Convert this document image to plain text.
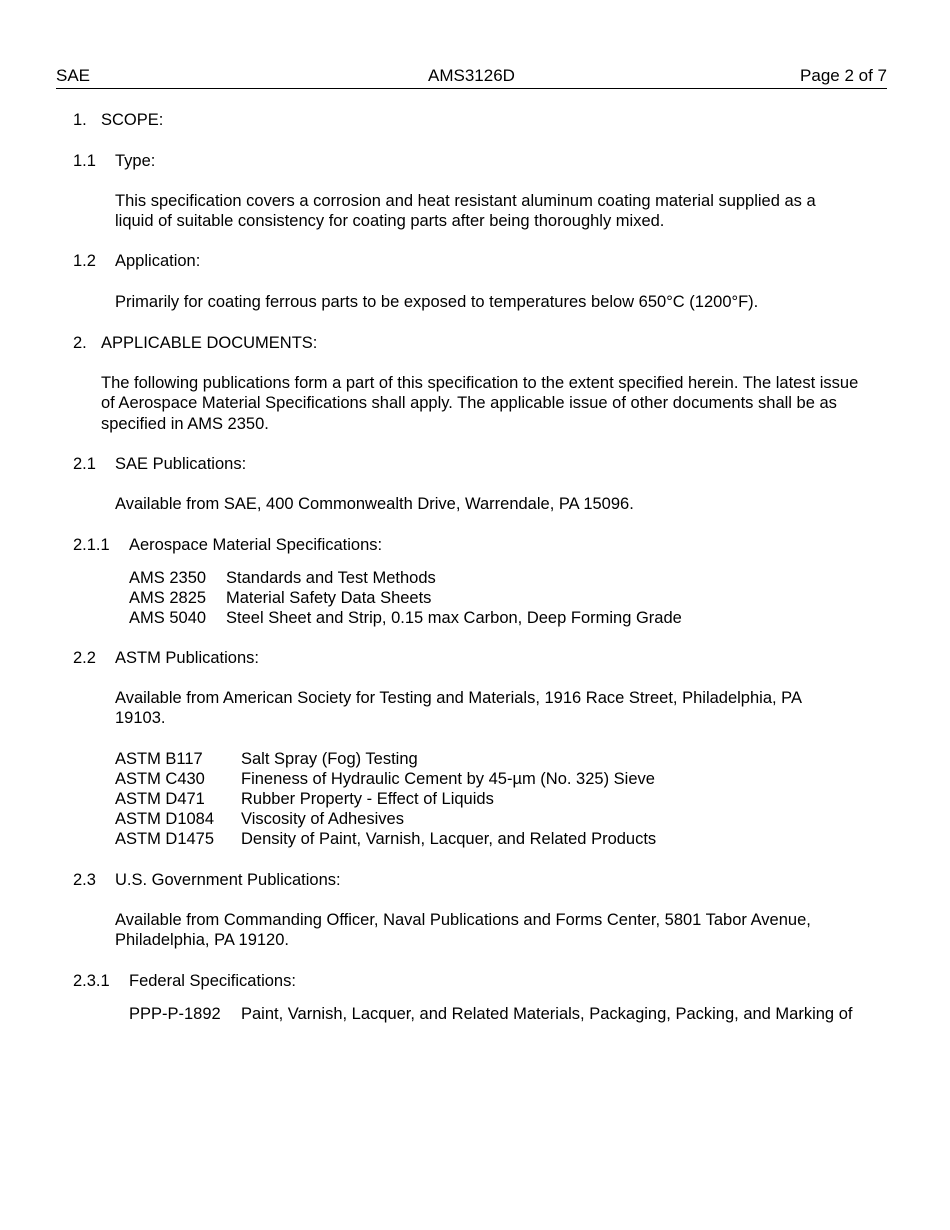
SAE	AMS3126D	Page 2 of 7
1. SCOPE:
1.1 Type:
This specification covers a corrosion and heat resistant aluminum coating material supplied as a liquid of suitable consistency for coating parts after being thoroughly mixed.
1.2 Application:
Primarily for coating ferrous parts to be exposed to temperatures below 650°C (1200°F).
2. APPLICABLE DOCUMENTS:
The following publications form a part of this specification to the extent specified herein. The latest issue of Aerospace Material Specifications shall apply. The applicable issue of other documents shall be as specified in AMS 2350.
2.1 SAE Publications:
Available from SAE, 400 Commonwealth Drive, Warrendale, PA 15096.
2.1.1 Aerospace Material Specifications:
AMS 2350 Standards and Test Methods
AMS 2825 Material Safety Data Sheets
AMS 5040 Steel Sheet and Strip, 0.15 max Carbon, Deep Forming Grade
2.2 ASTM Publications:
Available from American Society for Testing and Materials, 1916 Race Street, Philadelphia, PA 19103.
ASTM B117 Salt Spray (Fog) Testing
ASTM C430 Fineness of Hydraulic Cement by 45-µm (No. 325) Sieve
ASTM D471 Rubber Property - Effect of Liquids
ASTM D1084 Viscosity of Adhesives
ASTM D1475 Density of Paint, Varnish, Lacquer, and Related Products
2.3 U.S. Government Publications:
Available from Commanding Officer, Naval Publications and Forms Center, 5801 Tabor Avenue, Philadelphia, PA 19120.
2.3.1 Federal Specifications:
PPP-P-1892 Paint, Varnish, Lacquer, and Related Materials, Packaging, Packing, and Marking of
